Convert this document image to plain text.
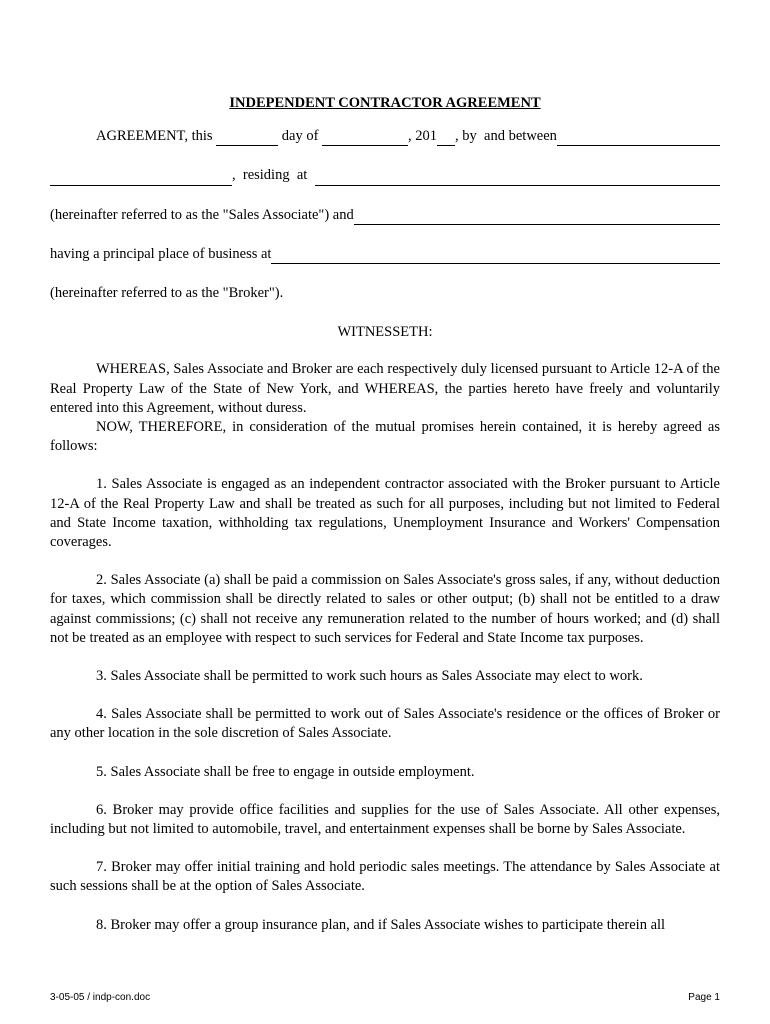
INDEPENDENT CONTRACTOR AGREEMENT
AGREEMENT, this

	day of
	, 201 , by  and between
,  residing  at
(hereinafter referred to as the "Sales Associate") and
having a principal place of business at
(hereinafter referred to as the "Broker").
WITNESSETH:

WHEREAS, Sales Associate and Broker are each respectively duly licensed pursuant to Article 12-A of the Real Property Law of the State of New York, and WHEREAS, the parties hereto have freely and voluntarily entered into this Agreement, without duress.

NOW, THEREFORE, in consideration of the mutual promises herein contained, it is hereby agreed as follows:

1. Sales Associate is engaged as an independent contractor associated with the Broker pursuant to Article 12-A of the Real Property Law and shall be treated as such for all purposes, including but not limited to Federal and State Income taxation, withholding tax regulations, Unemployment Insurance and Workers' Compensation coverages.

2. Sales Associate (a) shall be paid a commission on Sales Associate's gross sales, if any, without deduction for taxes, which commission shall be directly related to sales or other output; (b) shall not be entitled to a draw against commissions; (c) shall not receive any remuneration related to the number of hours worked; and (d) shall not be treated as an employee with respect to such services for Federal and State Income tax purposes.

3. Sales Associate shall be permitted to work such hours as Sales Associate may elect to work.

4. Sales Associate shall be permitted to work out of Sales Associate's residence or the offices of Broker or any other location in the sole discretion of Sales Associate.

5. Sales Associate shall be free to engage in outside employment.

6. Broker may provide office facilities and supplies for the use of Sales Associate. All other expenses, including but not limited to automobile, travel, and entertainment expenses shall be borne by Sales Associate.

7. Broker may offer initial training and hold periodic sales meetings. The attendance by Sales Associate at such sessions shall be at the option of Sales Associate.

8. Broker may offer a group insurance plan, and if Sales Associate wishes to participate therein all

3-05-05 / indp-con.doc	Page 1
